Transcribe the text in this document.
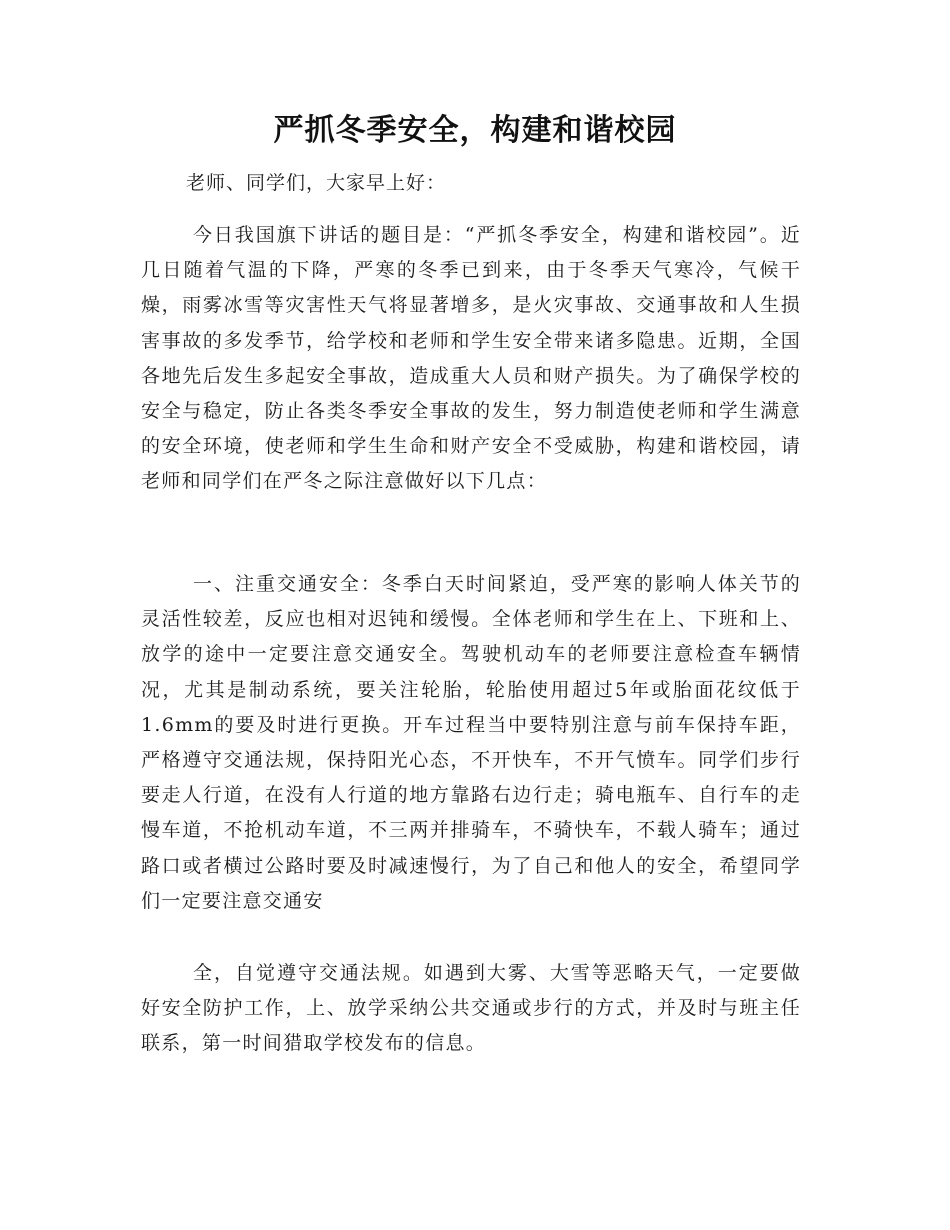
严抓冬季安全，构建和谐校园
老师、同学们，大家早上好：

今日我国旗下讲话的题目是：“严抓冬季安全，构建和谐校园”。近几日随着气温的下降，严寒的冬季已到来，由于冬季天气寒冷，气候干燥，雨雾冰雪等灾害性天气将显著增多，是火灾事故、交通事故和人生损害事故的多发季节，给学校和老师和学生安全带来诸多隐患。近期，全国各地先后发生多起安全事故，造成重大人员和财产损失。为了确保学校的安全与稳定，防止各类冬季安全事故的发生，努力制造使老师和学生满意的安全环境，使老师和学生生命和财产安全不受威胁，构建和谐校园，请老师和同学们在严冬之际注意做好以下几点：

一、注重交通安全：冬季白天时间紧迫，受严寒的影响人体关节的灵活性较差，反应也相对迟钝和缓慢。全体老师和学生在上、下班和上、放学的途中一定要注意交通安全。驾驶机动车的老师要注意检查车辆情况，尤其是制动系统，要关注轮胎，轮胎使用超过5年或胎面花纹低于1.6mm的要及时进行更换。开车过程当中要特别注意与前车保持车距，严格遵守交通法规，保持阳光心态，不开快车，不开气愤车。同学们步行要走人行道，在没有人行道的地方靠路右边行走；骑电瓶车、自行车的走慢车道，不抢机动车道，不三两并排骑车，不骑快车，不载人骑车；通过路口或者横过公路时要及时减速慢行，为了自己和他人的安全，希望同学们一定要注意交通安

全，自觉遵守交通法规。如遇到大雾、大雪等恶略天气，一定要做好安全防护工作，上、放学采纳公共交通或步行的方式，并及时与班主任联系，第一时间猎取学校发布的信息。
